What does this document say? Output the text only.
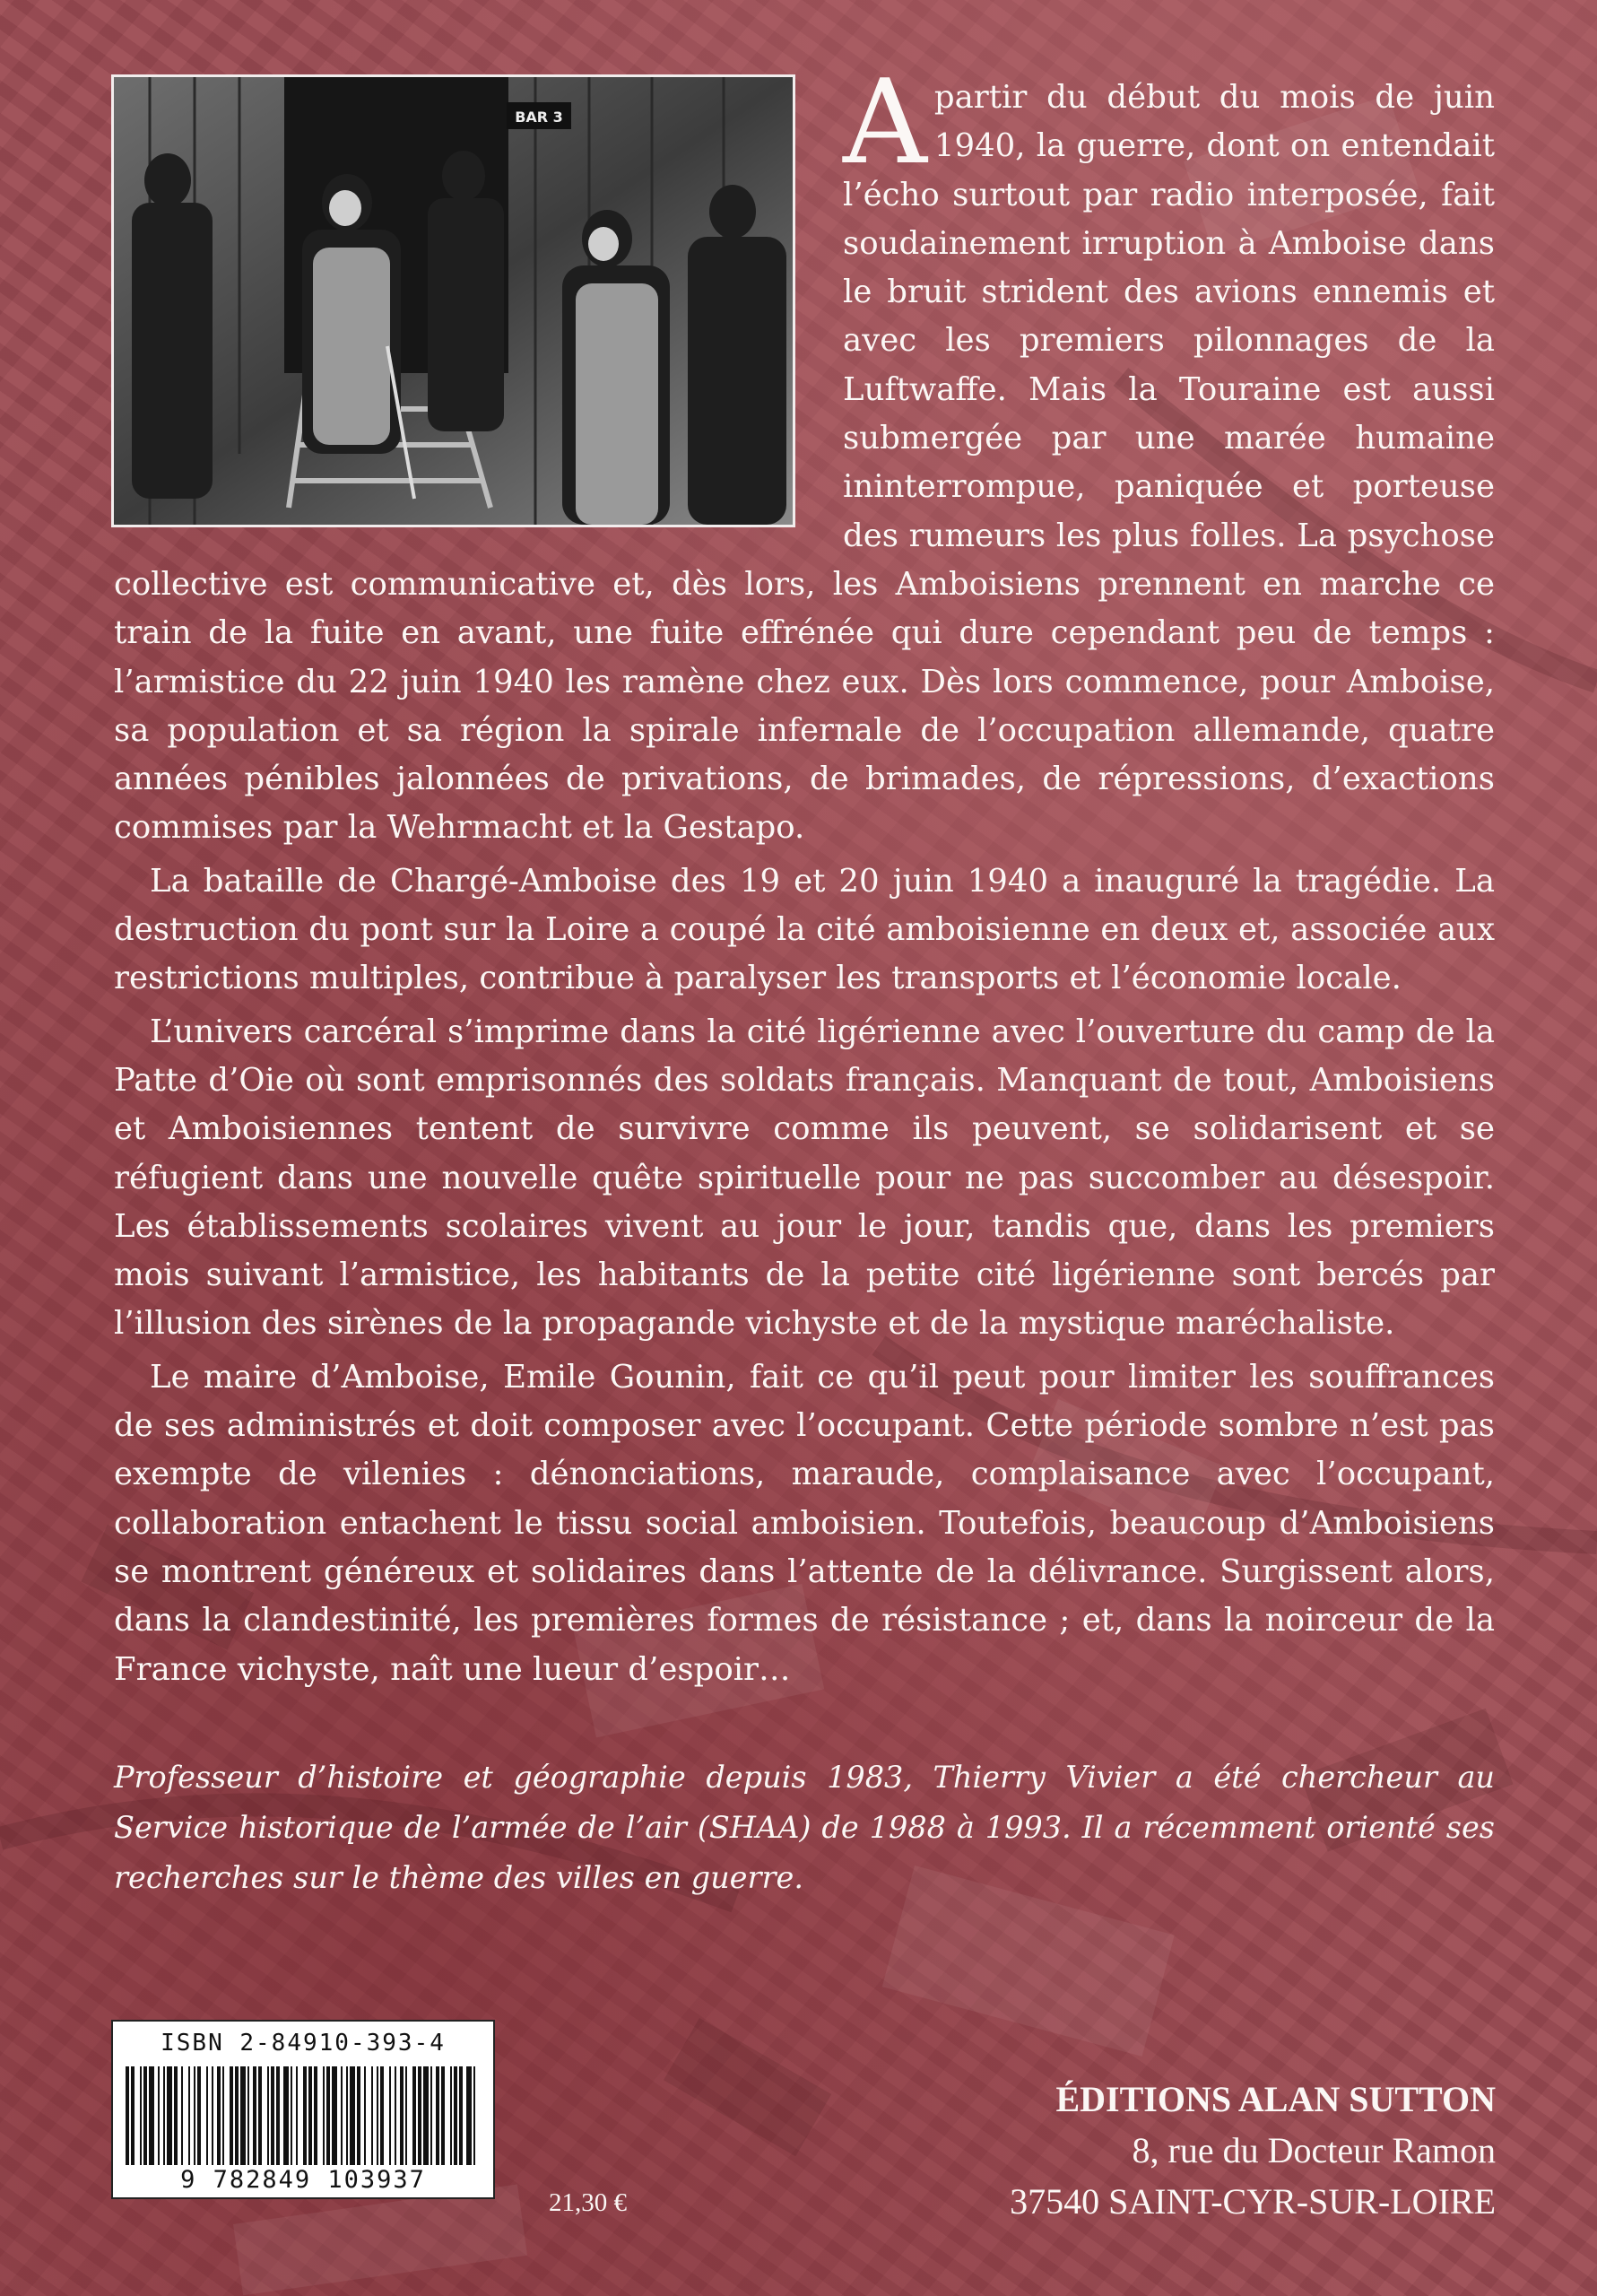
BAR 3 Apartir du début du mois de juin 1940, la guerre, dont on entendait l’écho surtout par radio interposée, fait soudainement irruption à Amboise dans le bruit strident des avions ennemis et avec les premiers pilonnages de la Luftwaffe. Mais la Touraine est aussi submergée par une marée humaine ininterrompue, paniquée et porteuse des rumeurs les plus folles. La psychose collective est communicative et, dès lors, les Amboisiens prennent en marche ce train de la fuite en avant, une fuite effrénée qui dure cependant peu de temps : l’armistice du 22 juin 1940 les ramène chez eux. Dès lors commence, pour Amboise, sa population et sa région la spirale infernale de l’occupation allemande, quatre années pénibles jalonnées de privations, de brimades, de répressions, d’exactions commises par la Wehrmacht et la Gestapo.

La bataille de Chargé-Amboise des 19 et 20 juin 1940 a inauguré la tragédie. La destruction du pont sur la Loire a coupé la cité amboisienne en deux et, associée aux restrictions multiples, contribue à paralyser les transports et l’économie locale.

L’univers carcéral s’imprime dans la cité ligérienne avec l’ouverture du camp de la Patte d’Oie où sont emprisonnés des soldats français. Manquant de tout, Amboisiens et Amboisiennes tentent de survivre comme ils peuvent, se solidarisent et se réfugient dans une nouvelle quête spirituelle pour ne pas succomber au désespoir. Les établissements scolaires vivent au jour le jour, tandis que, dans les premiers mois suivant l’armistice, les habitants de la petite cité ligérienne sont bercés par l’illusion des sirènes de la propagande vichyste et de la mystique maréchaliste.

Le maire d’Amboise, Emile Gounin, fait ce qu’il peut pour limiter les souffrances de ses administrés et doit composer avec l’occupant. Cette période sombre n’est pas exempte de vilenies : dénonciations, maraude, complaisance avec l’occupant, collaboration entachent le tissu social amboisien. Toutefois, beaucoup d’Amboisiens se montrent généreux et solidaires dans l’attente de la délivrance. Surgissent alors, dans la clandestinité, les premières formes de résistance ; et, dans la noirceur de la France vichyste, naît une lueur d’espoir…

Professeur d’histoire et géographie depuis 1983, Thierry Vivier a été chercheur au Service historique de l’armée de l’air (SHAA) de 1988 à 1993. Il a récemment orienté ses recherches sur le thème des villes en guerre.

ISBN 2-84910-393-4
9 782849 103937
21,30 €
ÉDITIONS ALAN SUTTON
8, rue du Docteur Ramon
37540 SAINT-CYR-SUR-LOIRE
